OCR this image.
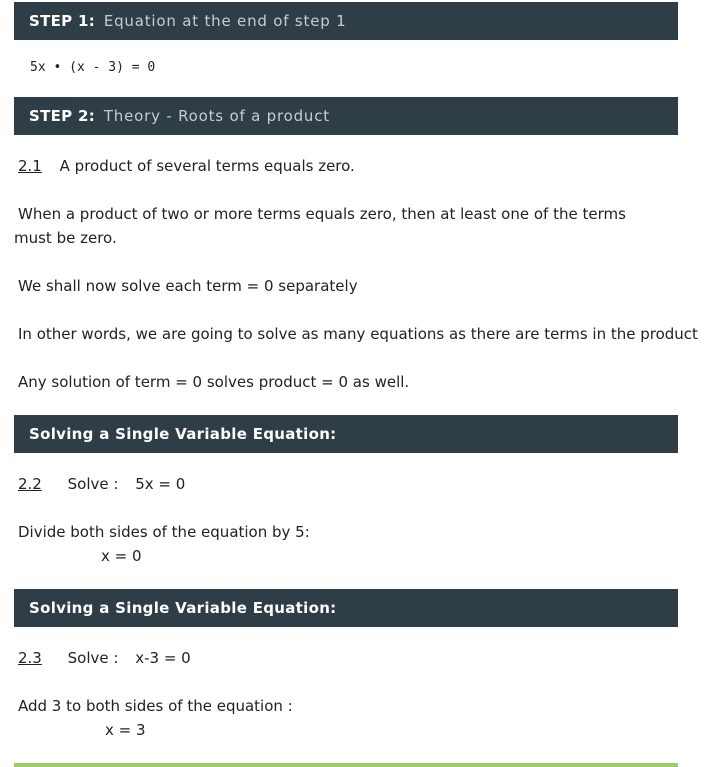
STEP 1: Equation at the end of step 1
5x • (x - 3) = 0
STEP 2: Theory - Roots of a product
2.1 A product of several terms equals zero.
When a product of two or more terms equals zero, then at least one of the terms must be zero.
We shall now solve each term = 0 separately
In other words, we are going to solve as many equations as there are terms in the product
Any solution of term = 0 solves product = 0 as well.
Solving a Single Variable Equation:
2.2 Solve : 5x = 0
Divide both sides of the equation by 5:
x = 0
Solving a Single Variable Equation:
2.3 Solve : x-3 = 0
Add 3 to both sides of the equation :
x = 3
